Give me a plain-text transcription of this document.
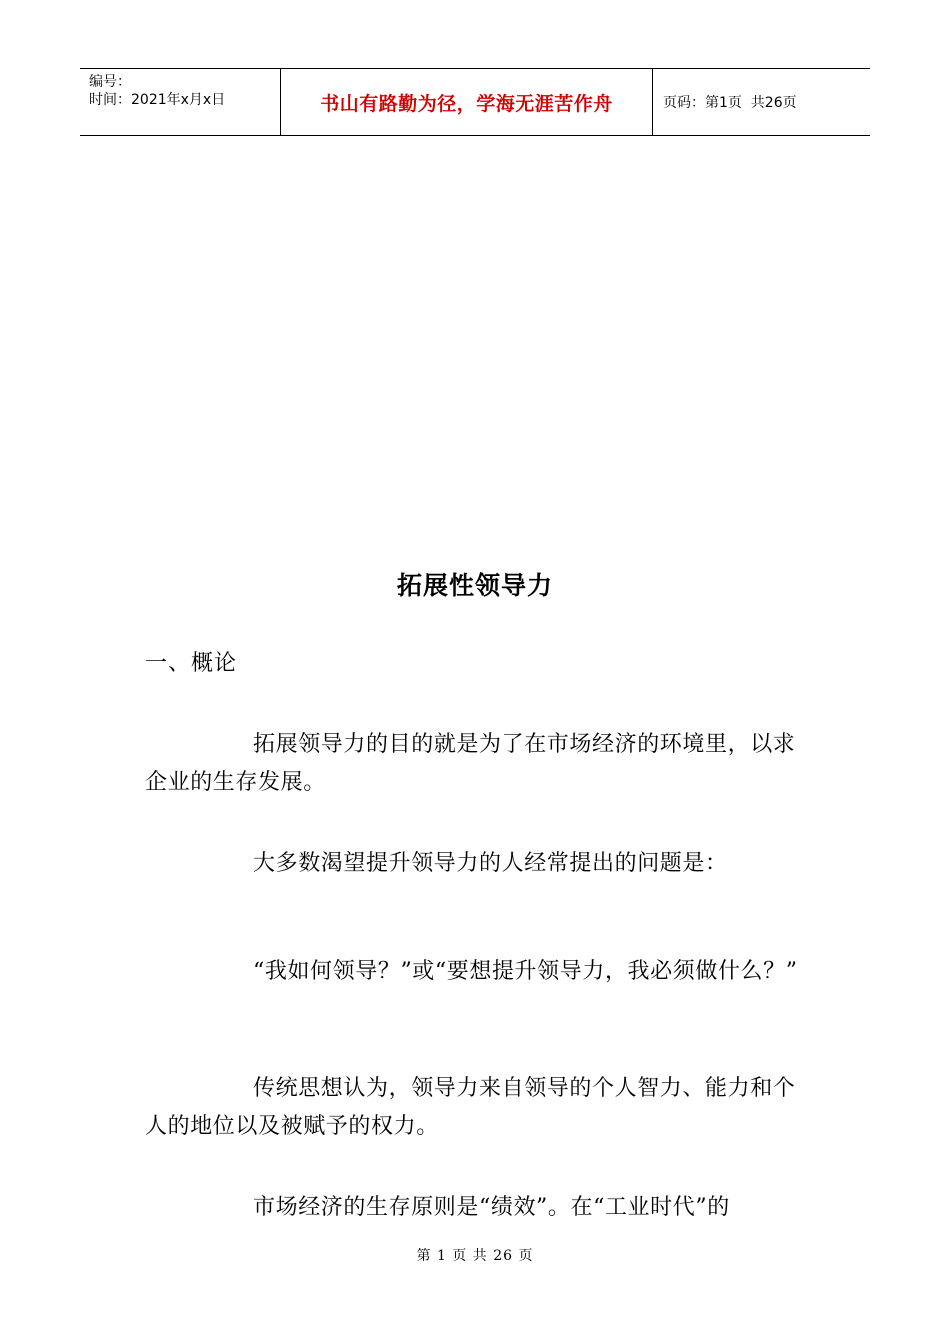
编号：
时间：2021年x月x日	书山有路勤为径，学海无涯苦作舟	页码：第1页  共26页
拓展性领导力
一、概论

拓展领导力的目的就是为了在市场经济的环境里，以求企业的生存发展。

大多数渴望提升领导力的人经常提出的问题是：

“我如何领导？”或“要想提升领导力，我必须做什么？”

传统思想认为，领导力来自领导的个人智力、能力和个人的地位以及被赋予的权力。

市场经济的生存原则是“绩效”。在“工业时代”的

第 1 页 共 26 页
